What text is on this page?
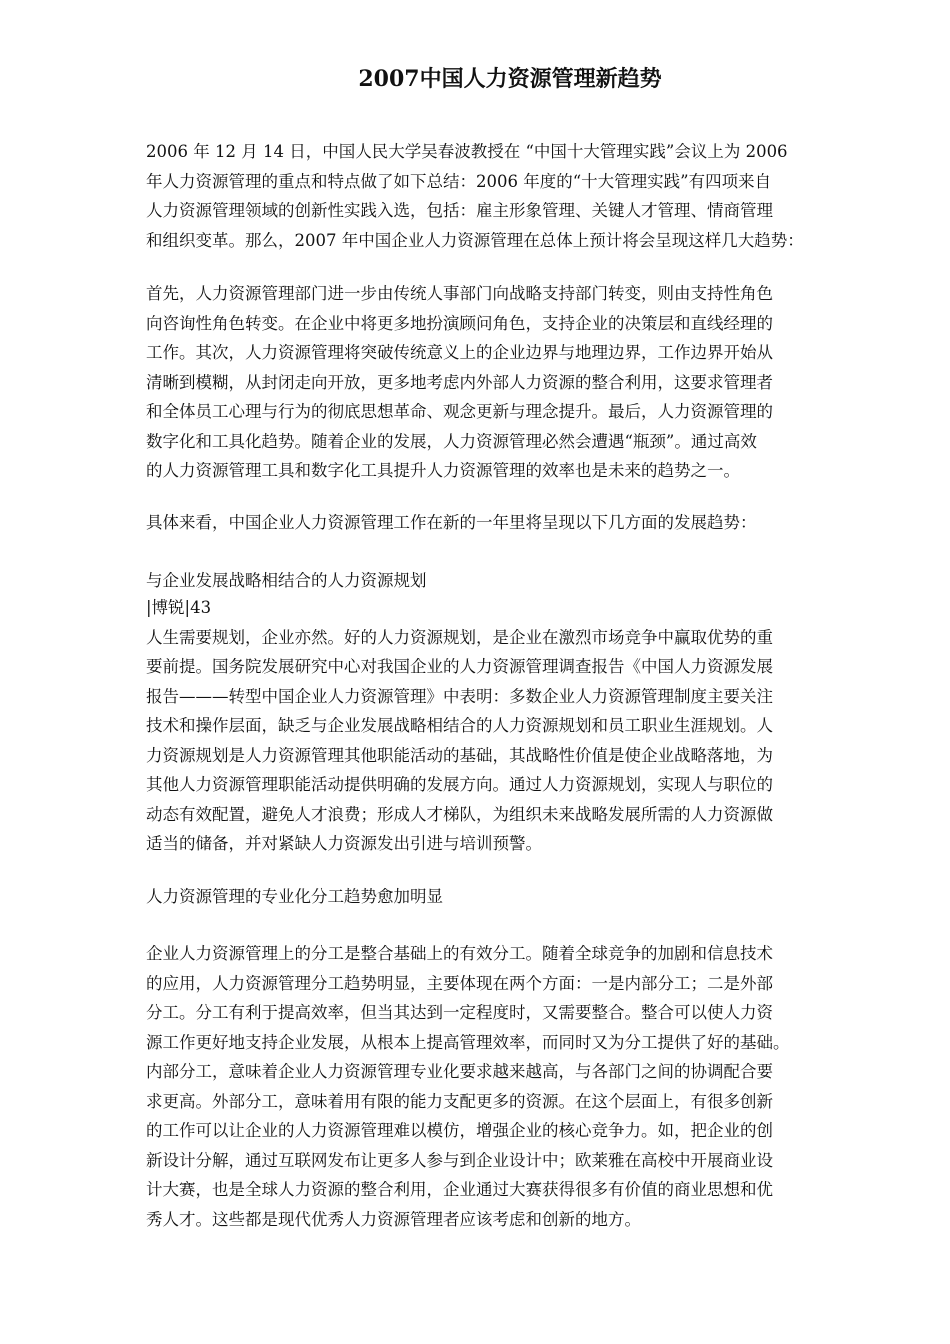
2007中国人力资源管理新趋势
2006 年 12 月 14 日，中国人民大学吴春波教授在 “中国十大管理实践”会议上为 2006
年人力资源管理的重点和特点做了如下总结：2006 年度的“十大管理实践”有四项来自
人力资源管理领域的创新性实践入选，包括：雇主形象管理、关键人才管理、情商管理
和组织变革。那么，2007 年中国企业人力资源管理在总体上预计将会呈现这样几大趋势：
首先，人力资源管理部门进一步由传统人事部门向战略支持部门转变，则由支持性角色
向咨询性角色转变。在企业中将更多地扮演顾问角色，支持企业的决策层和直线经理的
工作。其次，人力资源管理将突破传统意义上的企业边界与地理边界，工作边界开始从
清晰到模糊，从封闭走向开放，更多地考虑内外部人力资源的整合利用，这要求管理者
和全体员工心理与行为的彻底思想革命、观念更新与理念提升。最后，人力资源管理的
数字化和工具化趋势。随着企业的发展，人力资源管理必然会遭遇“瓶颈”。通过高效
的人力资源管理工具和数字化工具提升人力资源管理的效率也是未来的趋势之一。
具体来看，中国企业人力资源管理工作在新的一年里将呈现以下几方面的发展趋势：
与企业发展战略相结合的人力资源规划
|博锐|43
人生需要规划，企业亦然。好的人力资源规划，是企业在激烈市场竞争中赢取优势的重
要前提。国务院发展研究中心对我国企业的人力资源管理调查报告《中国人力资源发展
报告———转型中国企业人力资源管理》中表明：多数企业人力资源管理制度主要关注
技术和操作层面，缺乏与企业发展战略相结合的人力资源规划和员工职业生涯规划。人
力资源规划是人力资源管理其他职能活动的基础，其战略性价值是使企业战略落地，为
其他人力资源管理职能活动提供明确的发展方向。通过人力资源规划，实现人与职位的
动态有效配置，避免人才浪费；形成人才梯队，为组织未来战略发展所需的人力资源做
适当的储备，并对紧缺人力资源发出引进与培训预警。
人力资源管理的专业化分工趋势愈加明显
企业人力资源管理上的分工是整合基础上的有效分工。随着全球竞争的加剧和信息技术
的应用，人力资源管理分工趋势明显，主要体现在两个方面：一是内部分工；二是外部
分工。分工有利于提高效率，但当其达到一定程度时，又需要整合。整合可以使人力资
源工作更好地支持企业发展，从根本上提高管理效率，而同时又为分工提供了好的基础。
内部分工，意味着企业人力资源管理专业化要求越来越高，与各部门之间的协调配合要
求更高。外部分工，意味着用有限的能力支配更多的资源。在这个层面上，有很多创新
的工作可以让企业的人力资源管理难以模仿，增强企业的核心竞争力。如，把企业的创
新设计分解，通过互联网发布让更多人参与到企业设计中；欧莱雅在高校中开展商业设
计大赛，也是全球人力资源的整合利用，企业通过大赛获得很多有价值的商业思想和优
秀人才。这些都是现代优秀人力资源管理者应该考虑和创新的地方。
